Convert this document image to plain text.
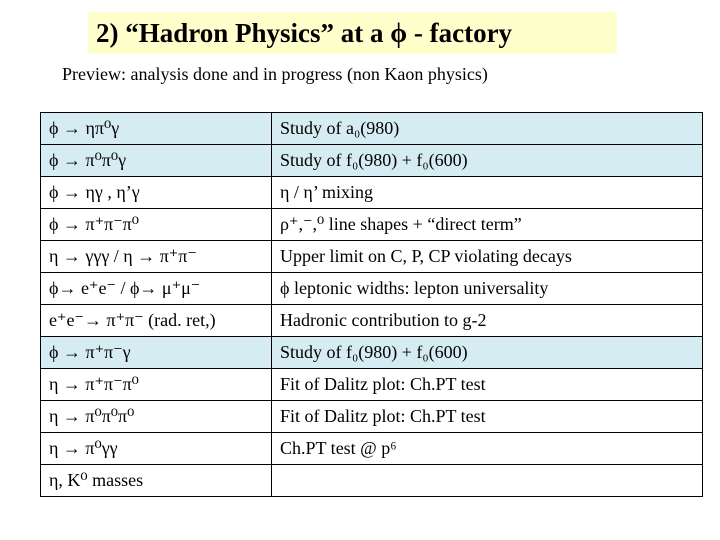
2) “Hadron Physics” at a ϕ - factory
Preview: analysis done and in progress (non Kaon physics)
ϕ → ηπ⁰γ	Study of a₀(980)
ϕ → π⁰π⁰γ	Study of f₀(980) + f₀(600)
ϕ → ηγ , η’γ	η / η’ mixing
ϕ → π⁺π⁻π⁰	ρ⁺,⁻,⁰ line shapes + “direct term”
η → γγγ / η → π⁺π⁻	Upper limit on C, P, CP violating decays
ϕ→ e⁺e⁻ / ϕ→ μ⁺μ⁻	ϕ leptonic widths: lepton universality
e⁺e⁻→ π⁺π⁻ (rad. ret,)	Hadronic contribution to g-2
ϕ → π⁺π⁻γ	Study of f₀(980) + f₀(600)
η → π⁺π⁻π⁰	Fit of Dalitz plot: Ch.PT test
η → π⁰π⁰π⁰	Fit of Dalitz plot: Ch.PT test
η → π⁰γγ	Ch.PT test @ p⁶
η, K⁰ masses	
